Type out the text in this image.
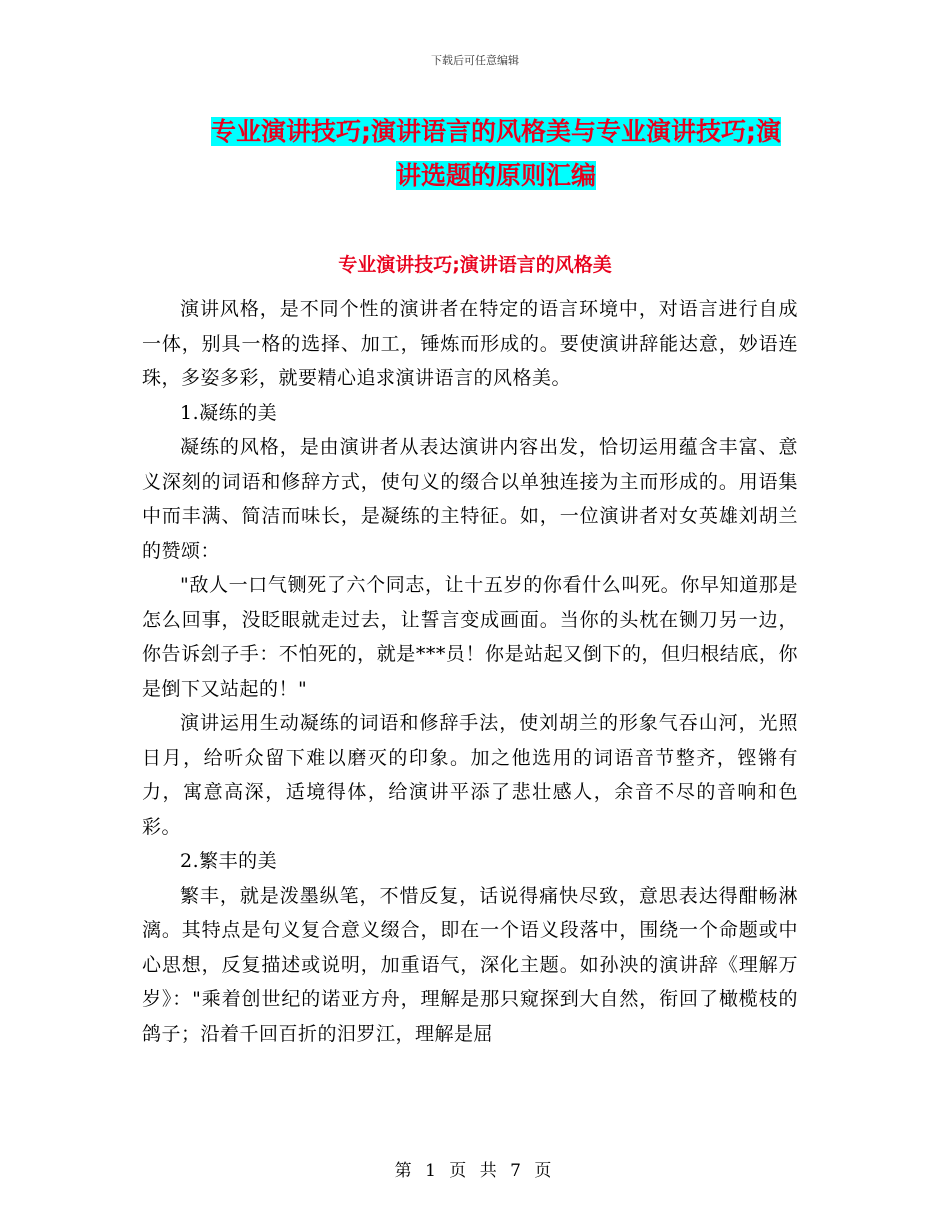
下载后可任意编辑
专业演讲技巧;演讲语言的风格美与专业演讲技巧;演
讲选题的原则汇编
专业演讲技巧;演讲语言的风格美

演讲风格，是不同个性的演讲者在特定的语言环境中，对语言进行自成一体，别具一格的选择、加工，锤炼而形成的。要使演讲辞能达意，妙语连珠，多姿多彩，就要精心追求演讲语言的风格美。

1.凝练的美

凝练的风格，是由演讲者从表达演讲内容出发，恰切运用蕴含丰富、意义深刻的词语和修辞方式，使句义的缀合以单独连接为主而形成的。用语集中而丰满、简洁而味长，是凝练的主特征。如，一位演讲者对女英雄刘胡兰的赞颂：

"敌人一口气铡死了六个同志，让十五岁的你看什么叫死。你早知道那是怎么回事，没眨眼就走过去，让誓言变成画面。当你的头枕在铡刀另一边，你告诉刽子手：不怕死的，就是***员！你是站起又倒下的，但归根结底，你是倒下又站起的！"

演讲运用生动凝练的词语和修辞手法，使刘胡兰的形象气吞山河，光照日月，给听众留下难以磨灭的印象。加之他选用的词语音节整齐，铿锵有力，寓意高深，适境得体，给演讲平添了悲壮感人，余音不尽的音响和色彩。

2.繁丰的美

繁丰，就是泼墨纵笔，不惜反复，话说得痛快尽致，意思表达得酣畅淋漓。其特点是句义复合意义缀合，即在一个语义段落中，围绕一个命题或中心思想，反复描述或说明，加重语气，深化主题。如孙泱的演讲辞《理解万岁》："乘着创世纪的诺亚方舟，理解是那只窥探到大自然，衔回了橄榄枝的鸽子；沿着千回百折的汨罗江，理解是屈

第 1 页 共 7 页
